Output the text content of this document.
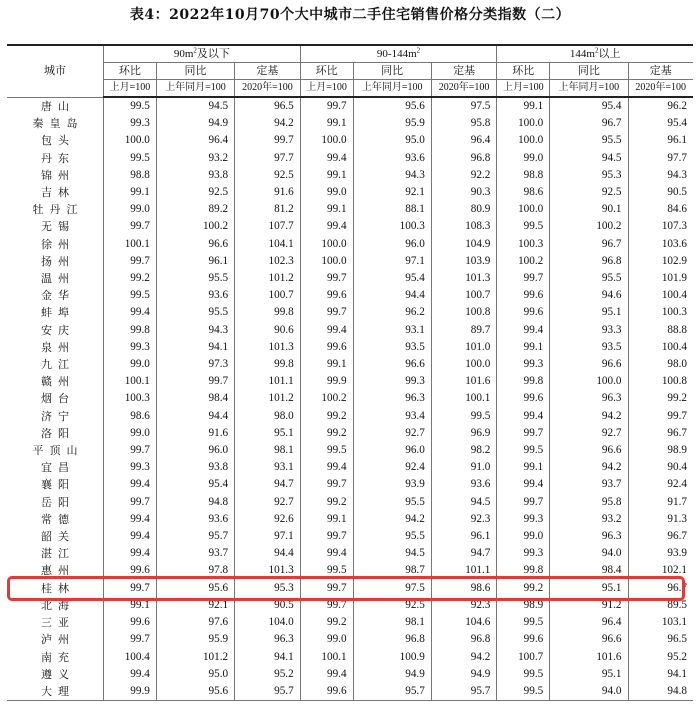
表4：2022年10月70个大中城市二手住宅销售价格分类指数（二）
城市	$90m^2$及以下			$90-144m^2$			$144m^2$以上		
	环比	同比	定基	环比	同比	定基	环比	同比	定基
	上月=100	上年同月=100	2020年=100	上月=100	上年同月=100	2020年=100	上月=100	上年同月=100	2020年=100
唐山	99.5	94.5	96.5	99.7	95.6	97.5	99.1	95.4	96.2
秦皇岛	99.3	94.9	94.2	99.1	95.9	95.8	100.0	96.7	95.4
包头	100.0	96.4	99.7	100.0	95.0	96.4	100.0	95.5	96.1
丹东	99.5	93.2	97.7	99.4	93.6	96.8	99.0	94.5	97.7
锦州	98.8	93.8	92.5	99.1	94.3	92.2	98.8	95.3	94.3
吉林	99.1	92.5	91.6	99.0	92.1	90.3	98.6	92.5	90.5
牡丹江	99.0	89.2	81.2	99.1	88.1	80.9	100.0	90.1	84.6
无锡	99.7	100.2	107.7	99.4	100.3	108.3	99.5	100.2	107.3
徐州	100.1	96.6	104.1	100.0	96.0	104.9	100.3	96.7	103.6
扬州	99.7	96.1	102.3	100.0	97.1	103.9	100.2	96.8	102.9
温州	99.2	95.5	101.2	99.7	95.4	101.3	99.7	95.5	101.9
金华	99.5	93.6	100.7	99.6	94.4	100.7	99.6	94.6	100.4
蚌埠	99.4	95.5	99.8	99.7	96.2	100.8	99.6	95.1	100.3
安庆	99.8	94.3	90.6	99.4	93.1	89.7	99.4	93.3	88.8
泉州	99.3	94.1	101.3	99.6	93.5	101.0	99.1	93.5	100.4
九江	99.0	97.3	99.8	99.1	96.6	100.0	99.3	96.6	98.0
赣州	100.1	99.7	101.1	99.9	99.3	101.6	99.8	100.0	100.8
烟台	100.3	98.4	101.2	100.2	96.3	100.1	99.6	96.3	99.2
济宁	98.6	94.4	98.0	99.2	93.4	99.5	99.4	94.2	99.7
洛阳	99.0	91.6	95.1	99.2	92.7	96.9	99.7	92.7	96.7
平顶山	99.7	96.0	98.1	99.5	96.0	98.2	99.5	96.6	98.9
宜昌	99.3	93.8	93.1	99.4	92.4	91.0	99.1	94.2	90.4
襄阳	99.4	95.4	94.7	99.7	93.9	93.6	99.4	93.7	92.4
岳阳	99.7	94.8	92.7	99.2	95.5	94.5	99.7	95.8	91.7
常德	99.4	93.6	92.6	99.1	94.2	92.3	99.3	93.2	91.3
韶关	99.4	95.7	97.1	99.7	95.5	96.1	99.0	96.3	96.7
湛江	99.4	93.7	94.4	99.4	94.5	94.7	99.3	94.0	93.9
惠州	99.6	97.8	101.3	99.5	98.7	101.1	99.8	98.4	102.1
桂林	99.7	95.6	95.3	99.7	97.5	98.6	99.2	95.1	96.7
北海	99.1	92.1	90.5	99.7	92.5	92.3	98.9	91.2	89.5
三亚	99.6	97.6	104.0	99.2	98.1	104.6	99.5	96.4	103.1
泸州	99.7	95.9	96.3	99.0	96.8	96.8	99.6	96.6	96.5
南充	100.4	101.2	94.1	100.1	100.9	94.2	100.7	101.6	95.2
遵义	99.4	95.0	95.2	99.4	94.9	94.9	99.5	95.1	94.1
大理	99.9	95.6	95.7	99.6	95.7	95.7	99.5	94.0	94.8
